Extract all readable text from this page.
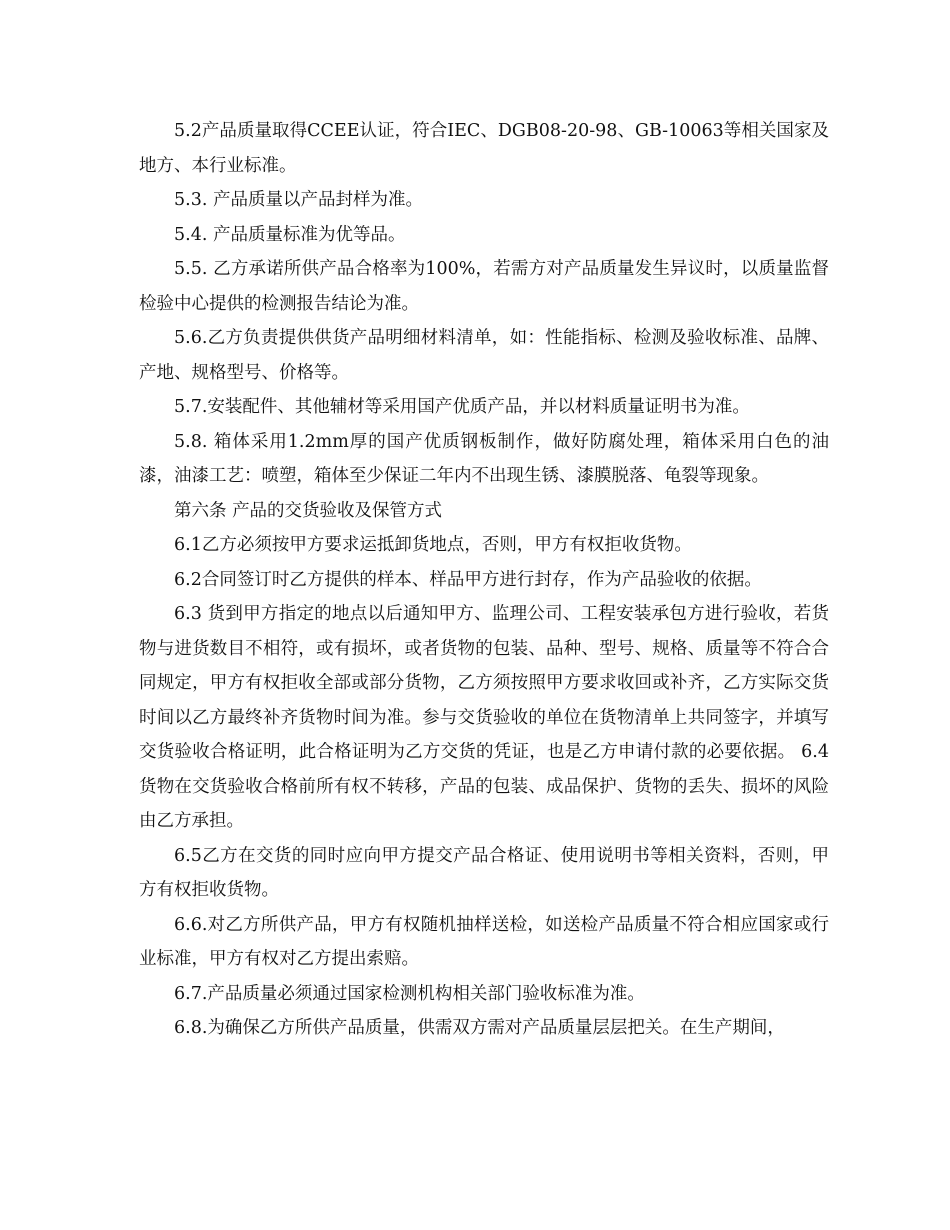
5.2产品质量取得CCEE认证，符合IEC、DGB08-20-98、GB-10063等相关国家及地方、本行业标准。

5.3. 产品质量以产品封样为准。

5.4. 产品质量标准为优等品。

5.5. 乙方承诺所供产品合格率为100%，若需方对产品质量发生异议时，以质量监督检验中心提供的检测报告结论为准。

5.6.乙方负责提供供货产品明细材料清单，如：性能指标、检测及验收标准、品牌、产地、规格型号、价格等。

5.7.安装配件、其他辅材等采用国产优质产品，并以材料质量证明书为准。

5.8. 箱体采用1.2mm厚的国产优质钢板制作，做好防腐处理，箱体采用白色的油漆，油漆工艺：喷塑，箱体至少保证二年内不出现生锈、漆膜脱落、龟裂等现象。

第六条 产品的交货验收及保管方式

6.1乙方必须按甲方要求运抵卸货地点，否则，甲方有权拒收货物。

6.2合同签订时乙方提供的样本、样品甲方进行封存，作为产品验收的依据。

6.3 货到甲方指定的地点以后通知甲方、监理公司、工程安装承包方进行验收，若货物与进货数目不相符，或有损坏，或者货物的包装、品种、型号、规格、质量等不符合合同规定，甲方有权拒收全部或部分货物，乙方须按照甲方要求收回或补齐，乙方实际交货时间以乙方最终补齐货物时间为准。参与交货验收的单位在货物清单上共同签字，并填写交货验收合格证明，此合格证明为乙方交货的凭证，也是乙方申请付款的必要依据。 6.4货物在交货验收合格前所有权不转移，产品的包装、成品保护、货物的丢失、损坏的风险由乙方承担。

6.5乙方在交货的同时应向甲方提交产品合格证、使用说明书等相关资料，否则，甲方有权拒收货物。

6.6.对乙方所供产品，甲方有权随机抽样送检，如送检产品质量不符合相应国家或行业标准，甲方有权对乙方提出索赔。

6.7.产品质量必须通过国家检测机构相关部门验收标准为准。

6.8.为确保乙方所供产品质量，供需双方需对产品质量层层把关。在生产期间，
